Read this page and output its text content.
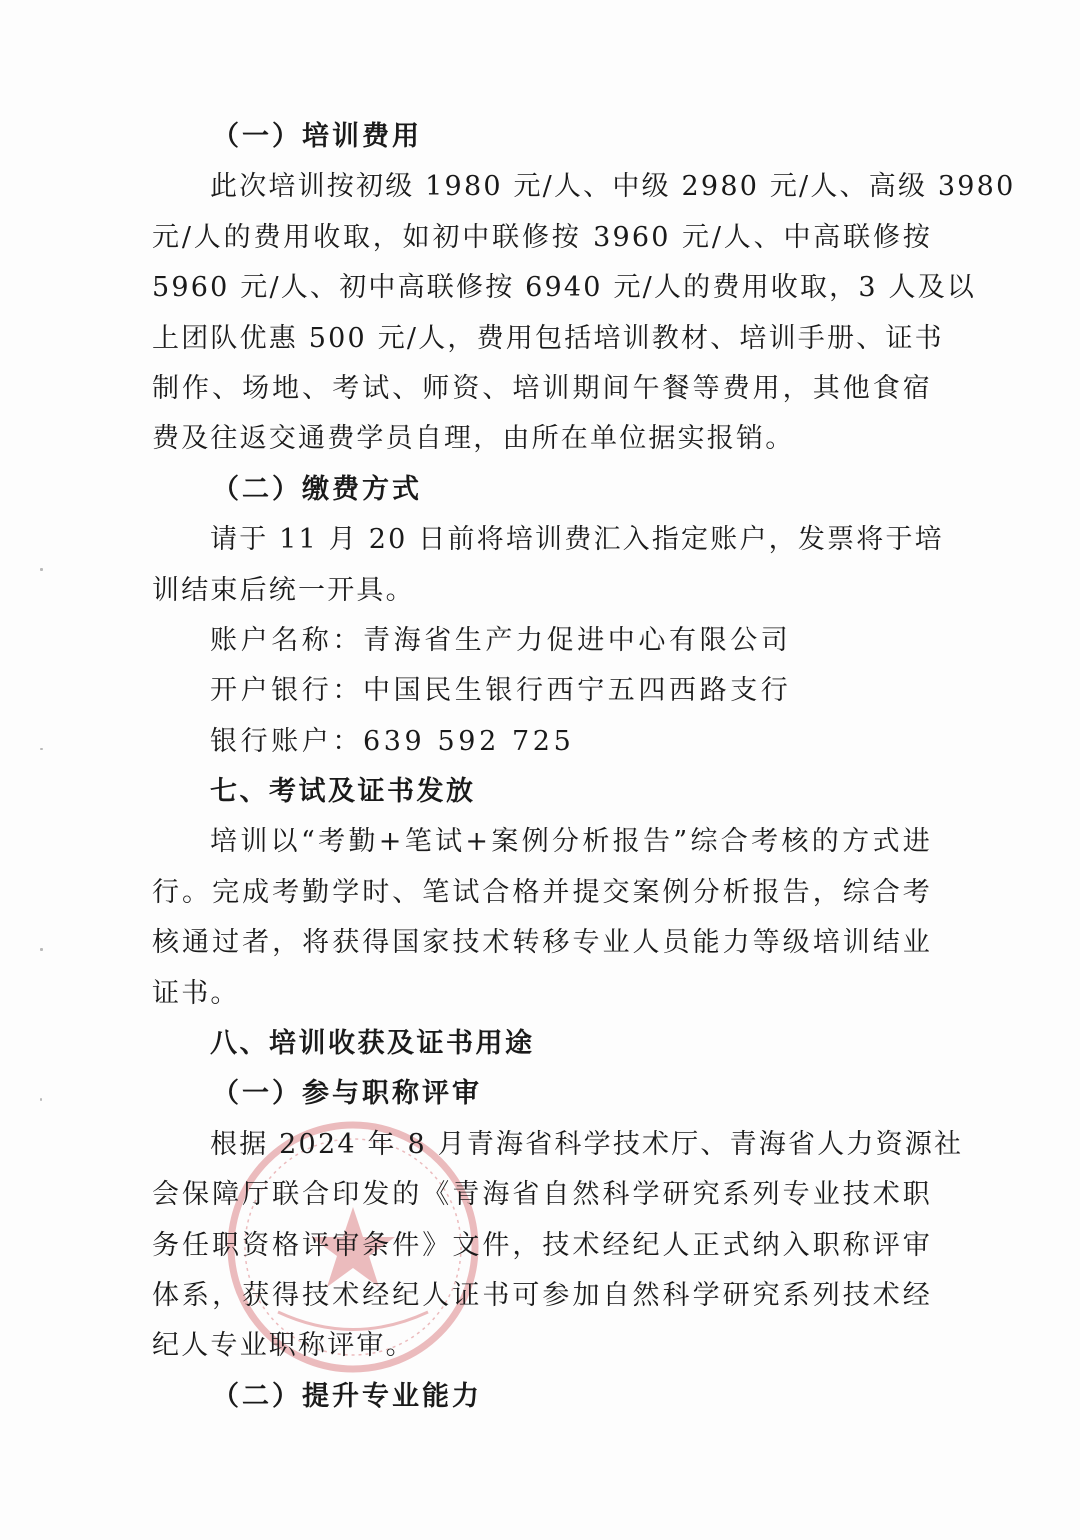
（一）培训费用
此次培训按初级 1980 元/人、中级 2980 元/人、高级 3980
元/人的费用收取，如初中联修按 3960 元/人、中高联修按
5960 元/人、初中高联修按 6940 元/人的费用收取，3 人及以
上团队优惠 500 元/人，费用包括培训教材、培训手册、证书
制作、场地、考试、师资、培训期间午餐等费用，其他食宿
费及往返交通费学员自理，由所在单位据实报销。
（二）缴费方式
请于 11 月 20 日前将培训费汇入指定账户，发票将于培
训结束后统一开具。
账户名称：青海省生产力促进中心有限公司
开户银行：中国民生银行西宁五四西路支行
银行账户：639 592 725
七、考试及证书发放
培训以“考勤+笔试+案例分析报告”综合考核的方式进
行。完成考勤学时、笔试合格并提交案例分析报告，综合考
核通过者，将获得国家技术转移专业人员能力等级培训结业
证书。
八、培训收获及证书用途
（一）参与职称评审
根据 2024 年 8 月青海省科学技术厅、青海省人力资源社
会保障厅联合印发的《青海省自然科学研究系列专业技术职
务任职资格评审条件》文件，技术经纪人正式纳入职称评审
体系，获得技术经纪人证书可参加自然科学研究系列技术经
纪人专业职称评审。
（二）提升专业能力
